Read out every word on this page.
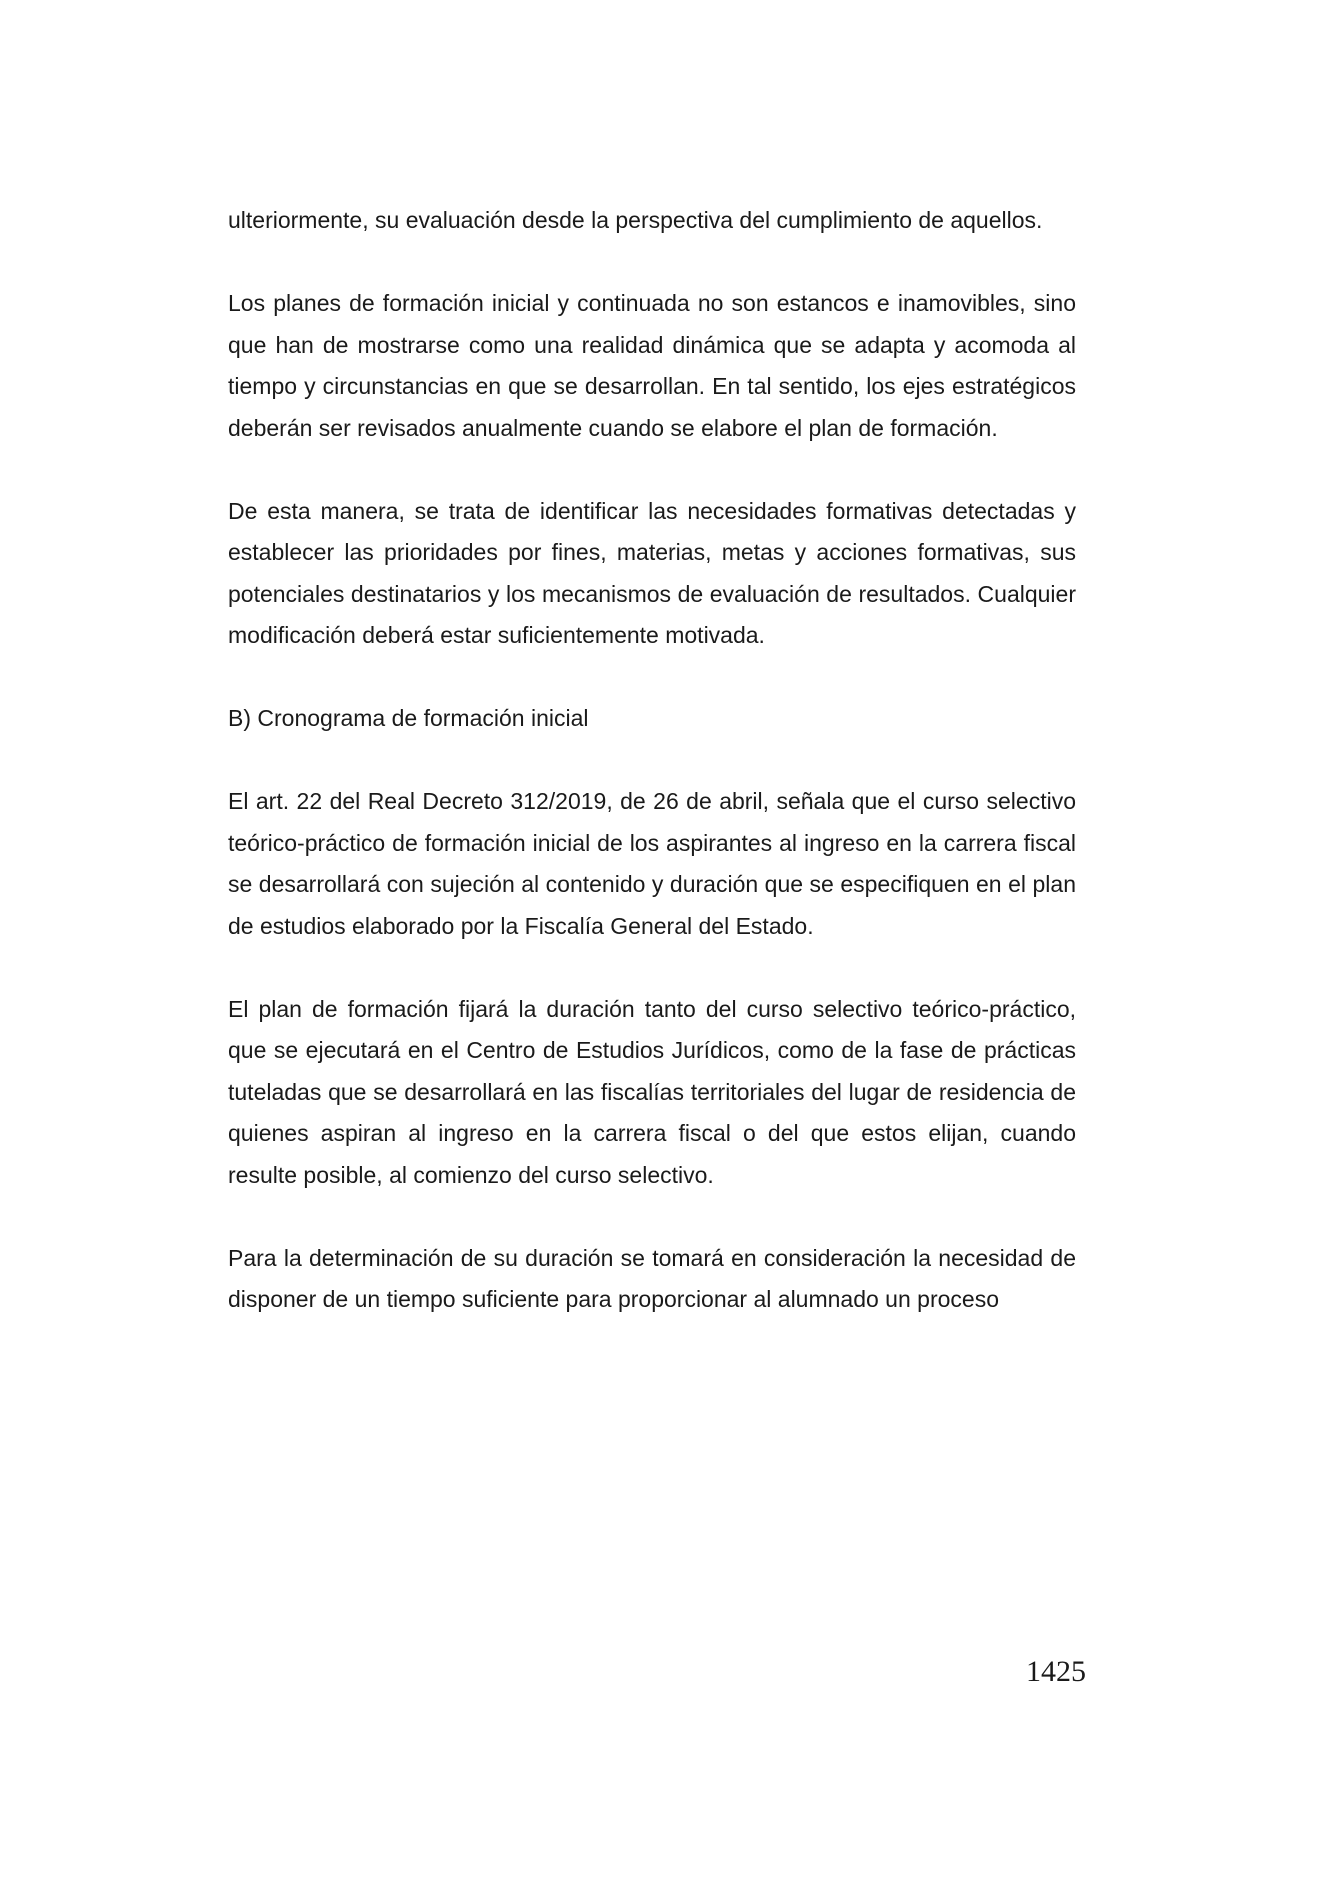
ulteriormente, su evaluación desde la perspectiva del cumplimiento de aquellos.

Los planes de formación inicial y continuada no son estancos e inamovibles, sino que han de mostrarse como una realidad dinámica que se adapta y acomoda al tiempo y circunstancias en que se desarrollan. En tal sentido, los ejes estratégicos deberán ser revisados anualmente cuando se elabore el plan de formación.

De esta manera, se trata de identificar las necesidades formativas detectadas y establecer las prioridades por fines, materias, metas y acciones formativas, sus potenciales destinatarios y los mecanismos de evaluación de resultados. Cualquier modificación deberá estar suficientemente motivada.

B) Cronograma de formación inicial

El art. 22 del Real Decreto 312/2019, de 26 de abril, señala que el curso selectivo teórico-práctico de formación inicial de los aspirantes al ingreso en la carrera fiscal se desarrollará con sujeción al contenido y duración que se especifiquen en el plan de estudios elaborado por la Fiscalía General del Estado.

El plan de formación fijará la duración tanto del curso selectivo teórico-práctico, que se ejecutará en el Centro de Estudios Jurídicos, como de la fase de prácticas tuteladas que se desarrollará en las fiscalías territoriales del lugar de residencia de quienes aspiran al ingreso en la carrera fiscal o del que estos elijan, cuando resulte posible, al comienzo del curso selectivo.

Para la determinación de su duración se tomará en consideración la necesidad de disponer de un tiempo suficiente para proporcionar al alumnado un proceso

1425
